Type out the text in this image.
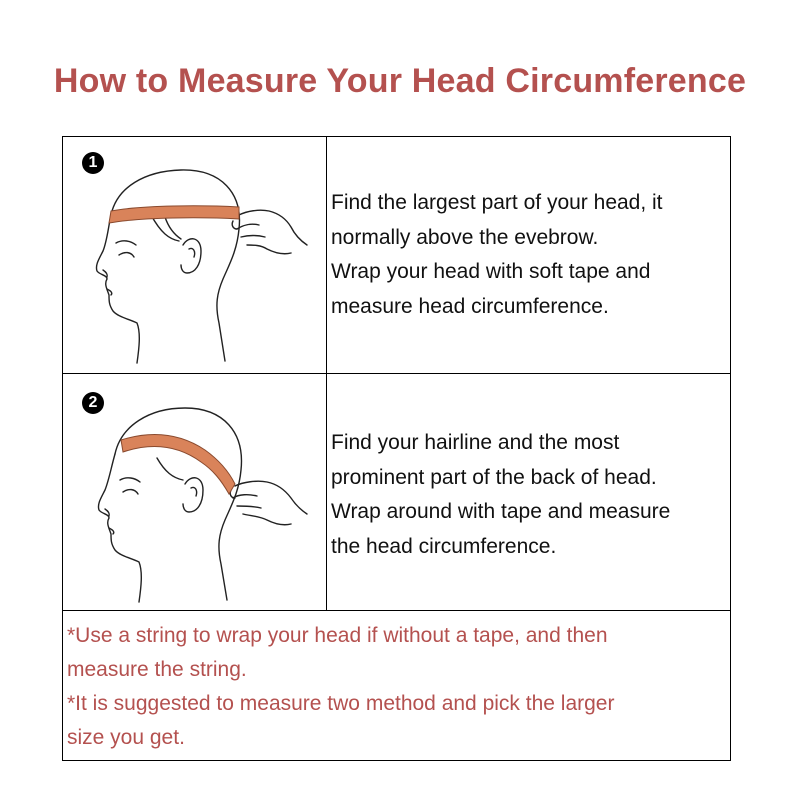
How to Measure Your Head Circumference
1
Find the largest part of your head, it
normally above the evebrow.
Wrap your head with soft tape and
measure head circumference.
2
Find your hairline and the most
prominent part of the back of head.
Wrap around with tape and measure
the head circumference.
*Use a string to wrap your head if without a tape, and then
measure the string.
*It is suggested to measure two method and pick the larger
size you get.
